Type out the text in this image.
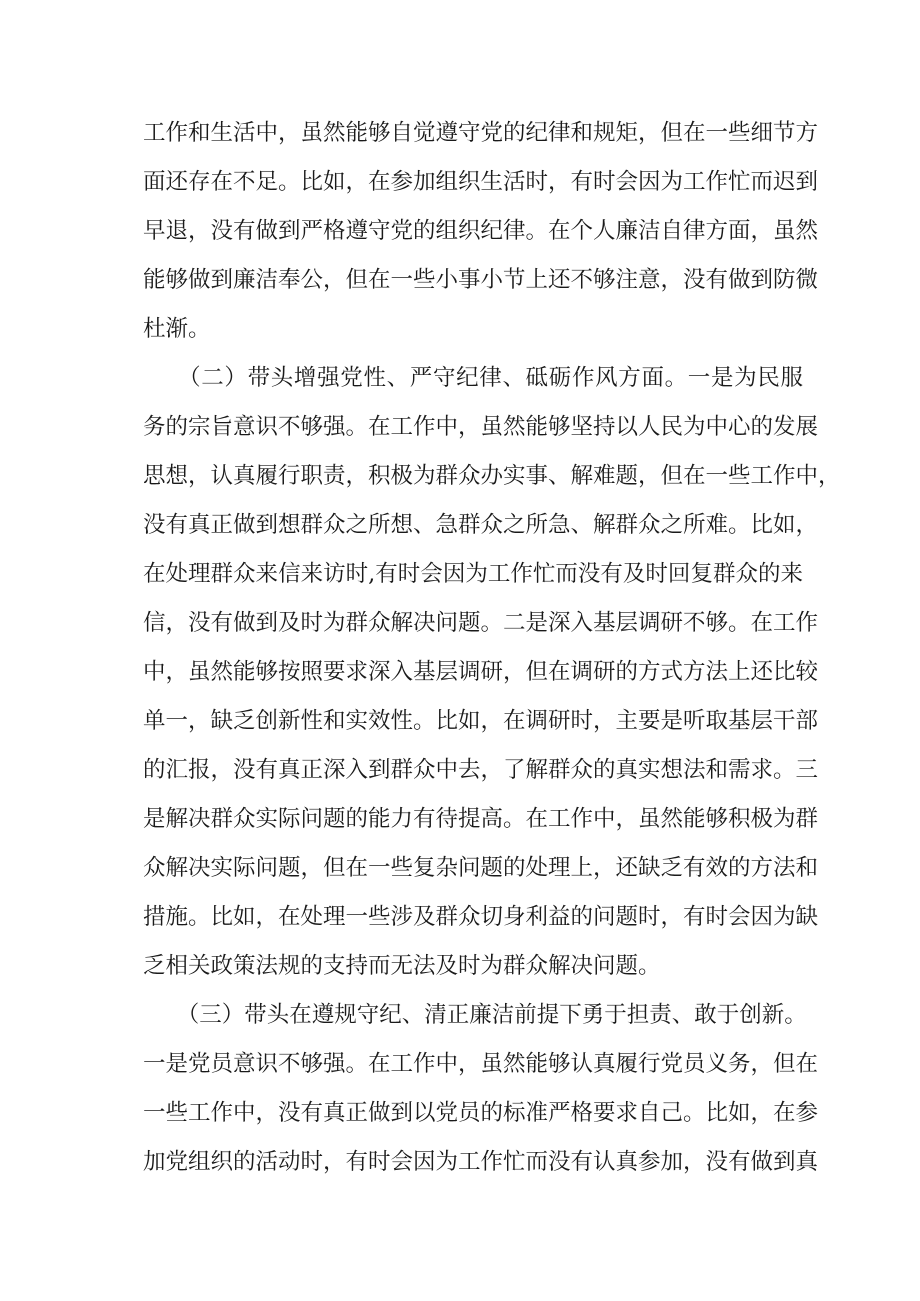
工作和生活中，虽然能够自觉遵守党的纪律和规矩，但在一些细节方
面还存在不足。比如，在参加组织生活时，有时会因为工作忙而迟到
早退，没有做到严格遵守党的组织纪律。在个人廉洁自律方面，虽然
能够做到廉洁奉公，但在一些小事小节上还不够注意，没有做到防微
杜渐。
　　（二）带头增强党性、严守纪律、砥砺作风方面。一是为民服
务的宗旨意识不够强。在工作中，虽然能够坚持以人民为中心的发展
思想，认真履行职责，积极为群众办实事、解难题，但在一些工作中，
没有真正做到想群众之所想、急群众之所急、解群众之所难。比如，
在处理群众来信来访时,有时会因为工作忙而没有及时回复群众的来
信，没有做到及时为群众解决问题。二是深入基层调研不够。在工作
中，虽然能够按照要求深入基层调研，但在调研的方式方法上还比较
单一，缺乏创新性和实效性。比如，在调研时，主要是听取基层干部
的汇报，没有真正深入到群众中去，了解群众的真实想法和需求。三
是解决群众实际问题的能力有待提高。在工作中，虽然能够积极为群
众解决实际问题，但在一些复杂问题的处理上，还缺乏有效的方法和
措施。比如，在处理一些涉及群众切身利益的问题时，有时会因为缺
乏相关政策法规的支持而无法及时为群众解决问题。
　　（三）带头在遵规守纪、清正廉洁前提下勇于担责、敢于创新。
一是党员意识不够强。在工作中，虽然能够认真履行党员义务，但在
一些工作中，没有真正做到以党员的标准严格要求自己。比如，在参
加党组织的活动时，有时会因为工作忙而没有认真参加，没有做到真
